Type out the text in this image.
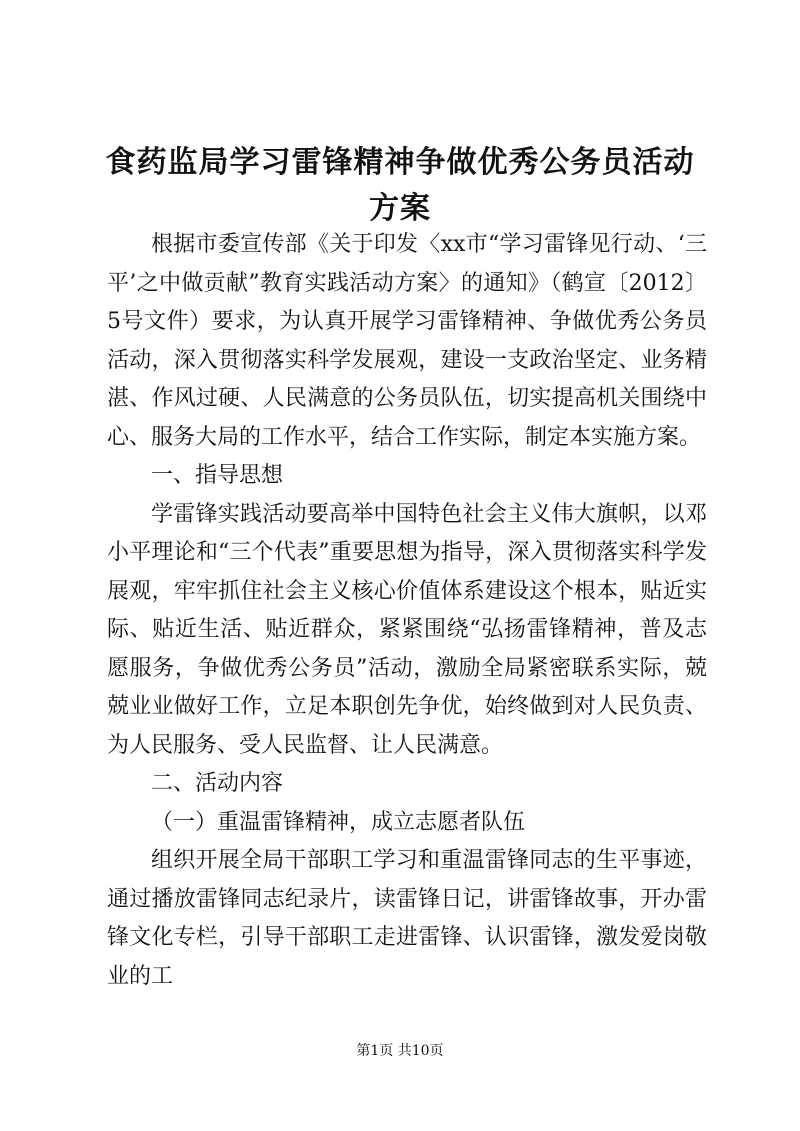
食药监局学习雷锋精神争做优秀公务员活动方案

根据市委宣传部《关于印发〈xx市“学习雷锋见行动、‘三平’之中做贡献”教育实践活动方案〉的通知》（鹤宣〔2012〕5号文件）要求，为认真开展学习雷锋精神、争做优秀公务员活动，深入贯彻落实科学发展观，建设一支政治坚定、业务精湛、作风过硬、人民满意的公务员队伍，切实提高机关围绕中心、服务大局的工作水平，结合工作实际，制定本实施方案。

一、指导思想

学雷锋实践活动要高举中国特色社会主义伟大旗帜，以邓小平理论和“三个代表”重要思想为指导，深入贯彻落实科学发展观，牢牢抓住社会主义核心价值体系建设这个根本，贴近实际、贴近生活、贴近群众，紧紧围绕“弘扬雷锋精神，普及志愿服务，争做优秀公务员”活动，激励全局紧密联系实际，兢兢业业做好工作，立足本职创先争优，始终做到对人民负责、为人民服务、受人民监督、让人民满意。

二、活动内容

（一）重温雷锋精神，成立志愿者队伍

组织开展全局干部职工学习和重温雷锋同志的生平事迹，通过播放雷锋同志纪录片，读雷锋日记，讲雷锋故事，开办雷锋文化专栏，引导干部职工走进雷锋、认识雷锋，激发爱岗敬业的工

第1页 共10页
